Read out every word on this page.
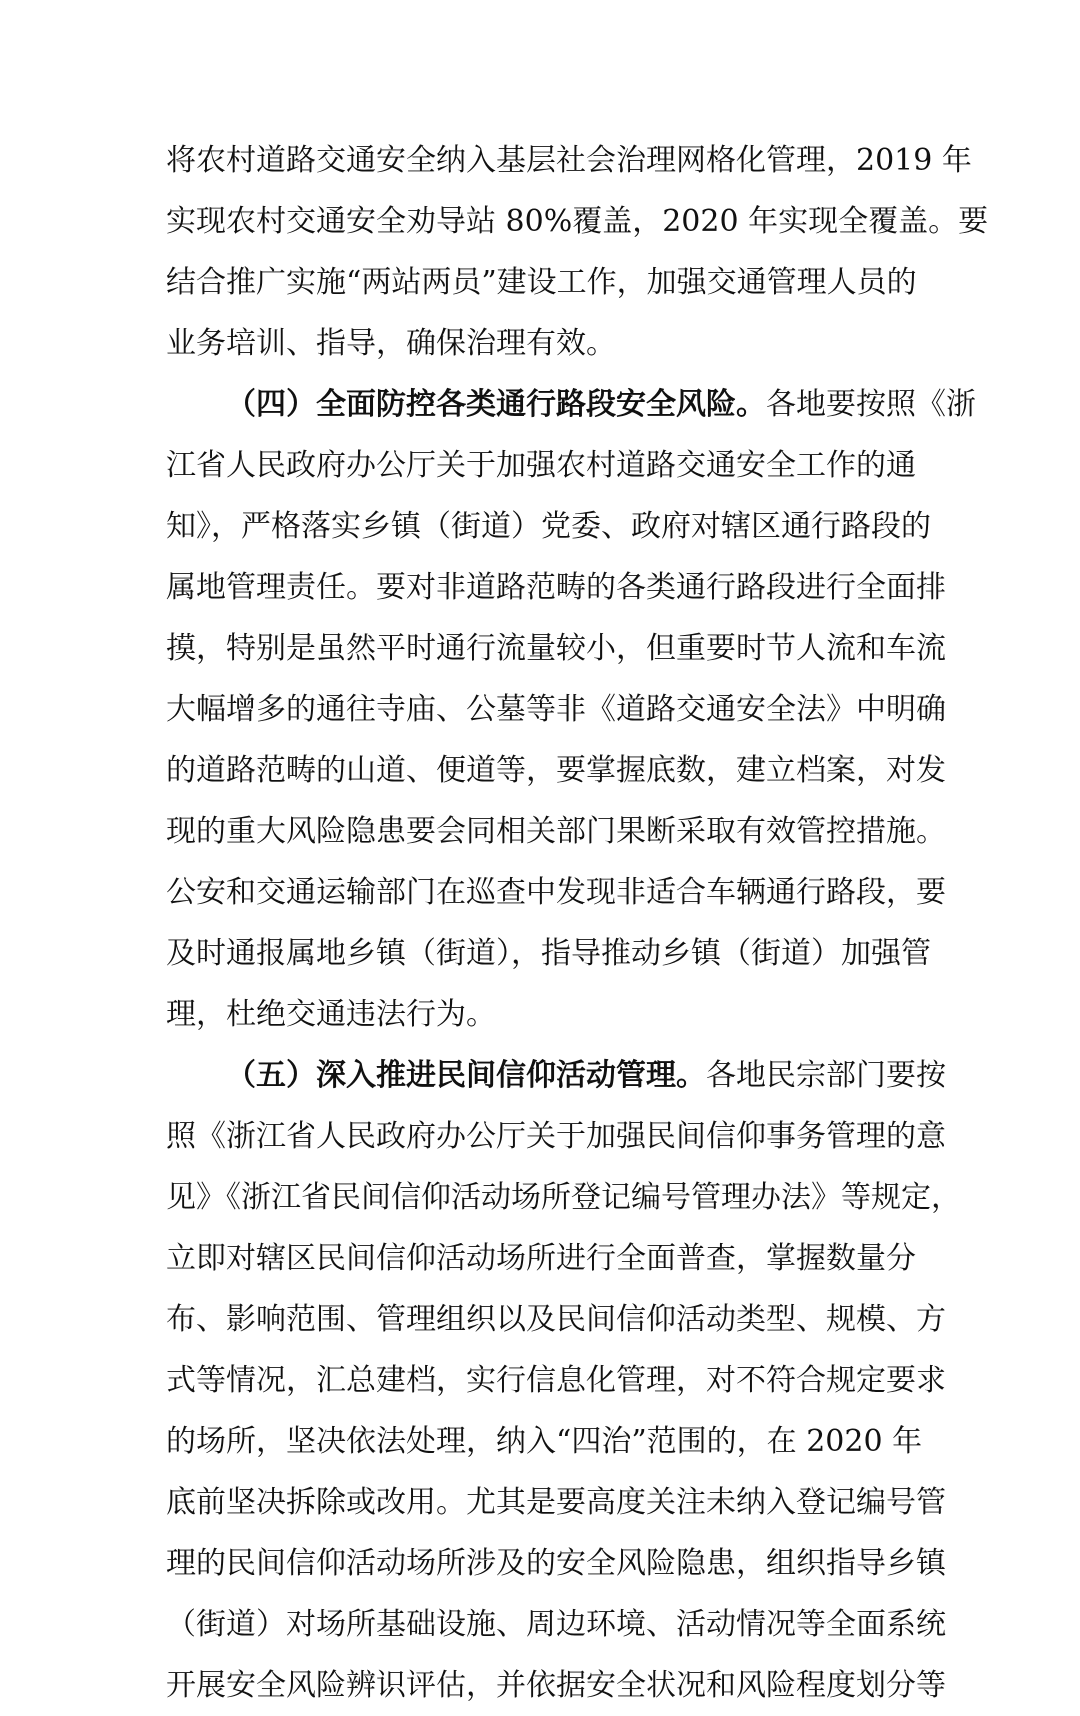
将农村道路交通安全纳入基层社会治理网格化管理，2019 年
实现农村交通安全劝导站 80%覆盖，2020 年实现全覆盖。要
结合推广实施“两站两员”建设工作，加强交通管理人员的
业务培训、指导，确保治理有效。
（四）全面防控各类通行路段安全风险。各地要按照《浙
江省人民政府办公厅关于加强农村道路交通安全工作的通
知》，严格落实乡镇（街道）党委、政府对辖区通行路段的
属地管理责任。要对非道路范畴的各类通行路段进行全面排
摸，特别是虽然平时通行流量较小，但重要时节人流和车流
大幅增多的通往寺庙、公墓等非《道路交通安全法》中明确
的道路范畴的山道、便道等，要掌握底数，建立档案，对发
现的重大风险隐患要会同相关部门果断采取有效管控措施。
公安和交通运输部门在巡查中发现非适合车辆通行路段，要
及时通报属地乡镇（街道），指导推动乡镇（街道）加强管
理，杜绝交通违法行为。
（五）深入推进民间信仰活动管理。各地民宗部门要按
照《浙江省人民政府办公厅关于加强民间信仰事务管理的意
见》《浙江省民间信仰活动场所登记编号管理办法》等规定，
立即对辖区民间信仰活动场所进行全面普查，掌握数量分
布、影响范围、管理组织以及民间信仰活动类型、规模、方
式等情况，汇总建档，实行信息化管理，对不符合规定要求
的场所，坚决依法处理，纳入“四治”范围的，在 2020 年
底前坚决拆除或改用。尤其是要高度关注未纳入登记编号管
理的民间信仰活动场所涉及的安全风险隐患，组织指导乡镇
（街道）对场所基础设施、周边环境、活动情况等全面系统
开展安全风险辨识评估，并依据安全状况和风险程度划分等
